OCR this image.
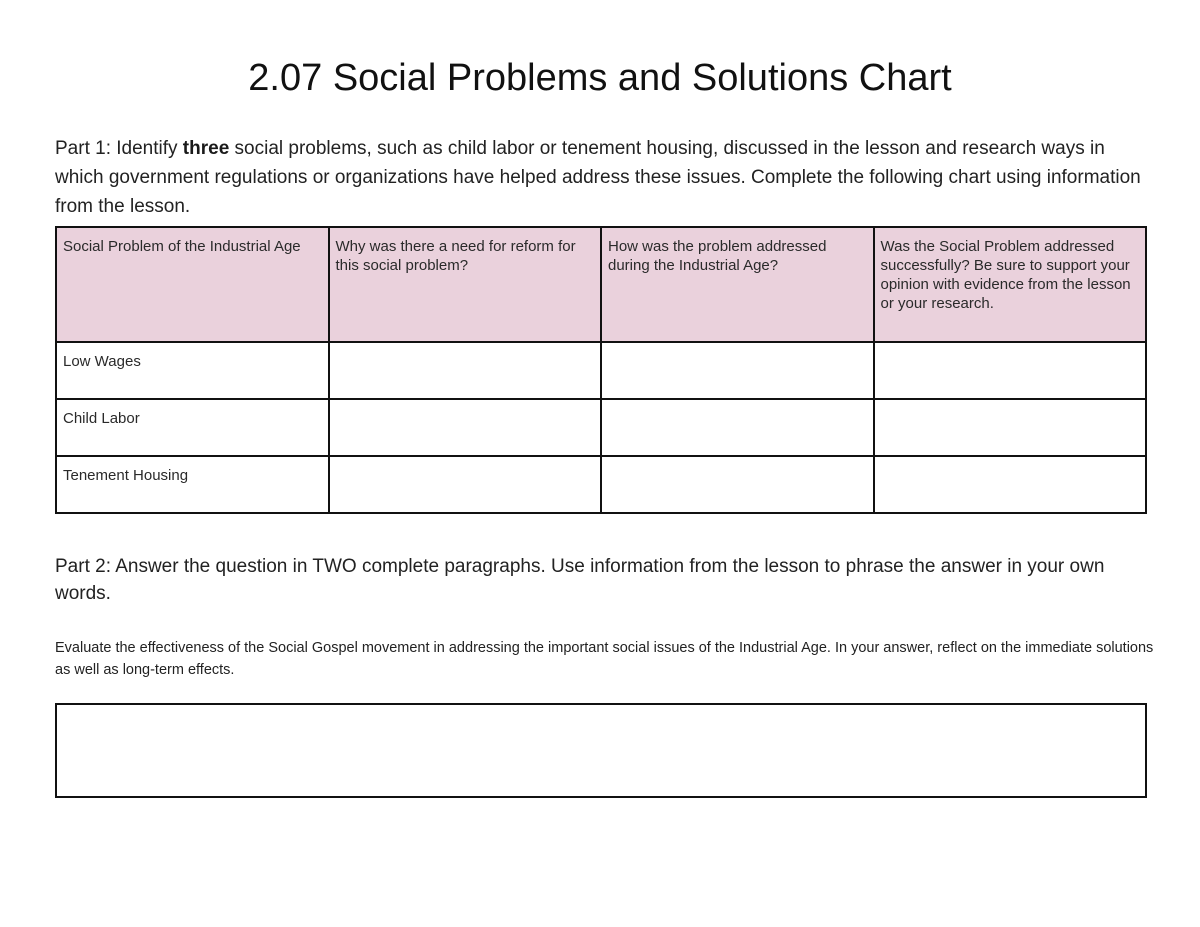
2.07 Social Problems and Solutions Chart

Part 1: Identify three social problems, such as child labor or tenement housing, discussed in the lesson and research ways in which government regulations or organizations have helped address these issues. Complete the following chart using information from the lesson.

Social Problem of the Industrial Age	Why was there a need for reform for this social problem?	How was the problem addressed during the Industrial Age?	Was the Social Problem addressed successfully? Be sure to support your opinion with evidence from the lesson or your research.
Low Wages			
Child Labor			
Tenement Housing			

Part 2: Answer the question in TWO complete paragraphs. Use information from the lesson to phrase the answer in your own words.

Evaluate the effectiveness of the Social Gospel movement in addressing the important social issues of the Industrial Age. In your answer, reflect on the immediate solutions as well as long-term effects.
